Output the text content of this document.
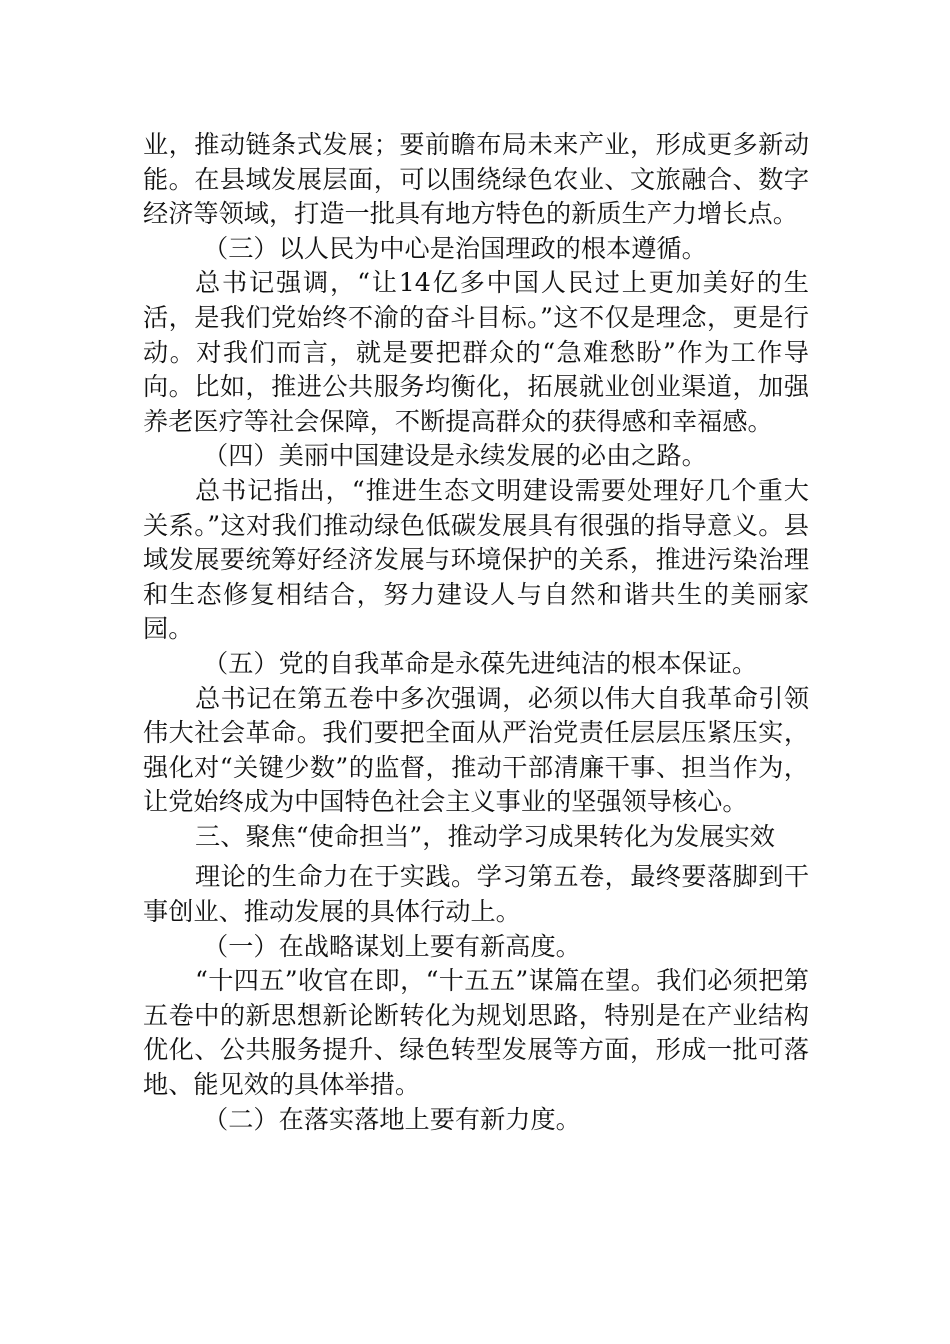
业，推动链条式发展；要前瞻布局未来产业，形成更多新动能。在县域发展层面，可以围绕绿色农业、文旅融合、数字经济等领域，打造一批具有地方特色的新质生产力增长点。

（三）以人民为中心是治国理政的根本遵循。

总书记强调，“让14亿多中国人民过上更加美好的生活，是我们党始终不渝的奋斗目标。”这不仅是理念，更是行动。对我们而言，就是要把群众的“急难愁盼”作为工作导向。比如，推进公共服务均衡化，拓展就业创业渠道，加强养老医疗等社会保障，不断提高群众的获得感和幸福感。

（四）美丽中国建设是永续发展的必由之路。

总书记指出，“推进生态文明建设需要处理好几个重大关系。”这对我们推动绿色低碳发展具有很强的指导意义。县域发展要统筹好经济发展与环境保护的关系，推进污染治理和生态修复相结合，努力建设人与自然和谐共生的美丽家园。

（五）党的自我革命是永葆先进纯洁的根本保证。

总书记在第五卷中多次强调，必须以伟大自我革命引领伟大社会革命。我们要把全面从严治党责任层层压紧压实，强化对“关键少数”的监督，推动干部清廉干事、担当作为，让党始终成为中国特色社会主义事业的坚强领导核心。

三、聚焦“使命担当”，推动学习成果转化为发展实效

理论的生命力在于实践。学习第五卷，最终要落脚到干事创业、推动发展的具体行动上。

（一）在战略谋划上要有新高度。

“十四五”收官在即，“十五五”谋篇在望。我们必须把第五卷中的新思想新论断转化为规划思路，特别是在产业结构优化、公共服务提升、绿色转型发展等方面，形成一批可落地、能见效的具体举措。

（二）在落实落地上要有新力度。
